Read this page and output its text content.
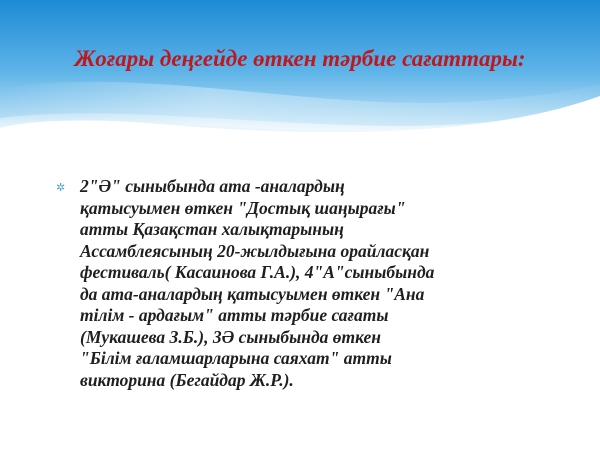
Жоғары деңгейде өткен тәрбие сағаттары:
✲ 2"Ә" сыныбында ата -аналардың
қатысуымен өткен "Достық шаңырағы"
атты Қазақстан халықтарының
Ассамблеясының 20-жылдығына орайласқан
фестиваль( Касаинова Г.А.), 4"А"сыныбында
да ата-аналардың қатысуымен өткен "Ана
тілім - ардағым" атты тәрбие сағаты
(Мукашева З.Б.), 3Ә сыныбында өткен
"Білім ғаламшарларына саяхат" атты
викторина (Бегайдар Ж.Р.).
